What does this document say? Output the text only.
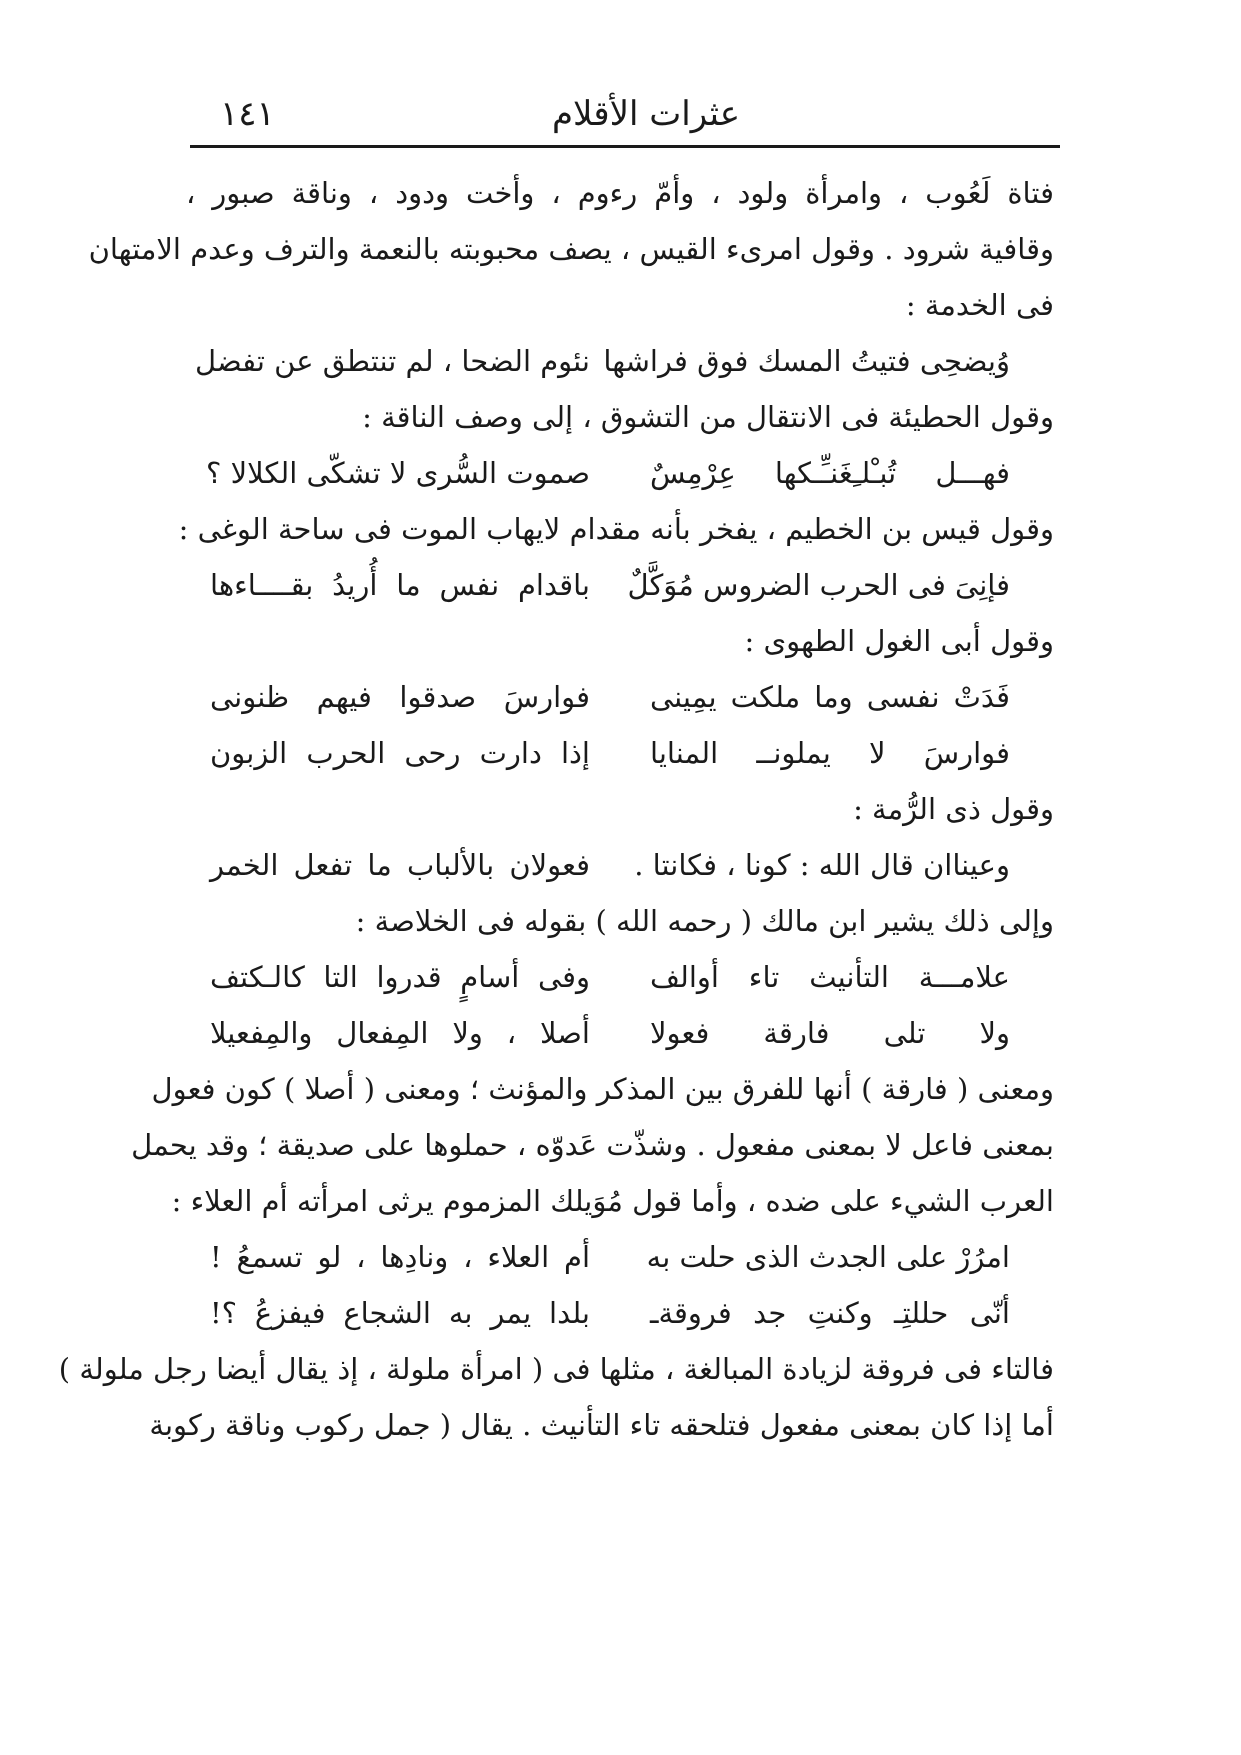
عثرات الأقلام
١٤١
فتاة لَعُوب ، وامرأة ولود ، وأمّ رءوم ، وأخت ودود ، وناقة صبور ،
وقافية شرود . وقول امرىء القيس ، يصف محبوبته بالنعمة والترف وعدم الامتهان
فى الخدمة :
وُيضحِى فتيتُ المسك فوق فراشها
نئوم الضحا ، لم تنتطق عن تفضل
وقول الحطيئة فى الانتقال من التشوق ، إلى وصف الناقة :
فهـــل تُبـْلـِغَنـِّـكها عِرْمِسٌ
صموت السُّرى لا تشكّى الكلالا ؟
وقول قيس بن الخطيم ، يفخر بأنه مقدام لايهاب الموت فى ساحة الوغى :
فإنِىَ فى الحرب الضروس مُوَكَّلٌ
باقدام نفس ما أُريدُ بقــــاءها
وقول أبى الغول الطهوى :
فَدَتْ نفسى وما ملكت يمِينى
فوارسَ صدقوا فيهم ظنونى
فوارسَ لا يملونــ المنايا
إذا دارت رحى الحرب الزبون
وقول ذى الرُّمة :
وعيناان قال الله : كونا ، فكانتا .
فعولان بالألباب ما تفعل الخمر
وإلى ذلك يشير ابن مالك ( رحمه الله ) بقوله فى الخلاصة :
علامـــة التأنيث تاء أوالف
وفى أسامٍ قدروا التا كالـكتف
ولا تلى فارقة فعولا
أصلا ، ولا المِفعال والمِفعيلا
ومعنى ( فارقة ) أنها للفرق بين المذكر والمؤنث ؛ ومعنى ( أصلا ) كون فعول
بمعنى فاعل لا بمعنى مفعول . وشذّت عَدوّه ، حملوها على صديقة ؛ وقد يحمل
العرب الشيء على ضده ، وأما قول مُوَيلك المزموم يرثى امرأته أم العلاء :
امرُرْ على الجدث الذى حلت به
أم العلاء ، ونادِها ، لو تسمعُ !
أنّى حللتِـ وكنتِ جد فروقةـ
بلدا يمر به الشجاع فيفزعُ ؟!
فالتاء فى فروقة لزيادة المبالغة ، مثلها فى ( امرأة ملولة ، إذ يقال أيضا رجل ملولة )
أما إذا كان بمعنى مفعول فتلحقه تاء التأنيث . يقال ( جمل ركوب وناقة ركوبة
